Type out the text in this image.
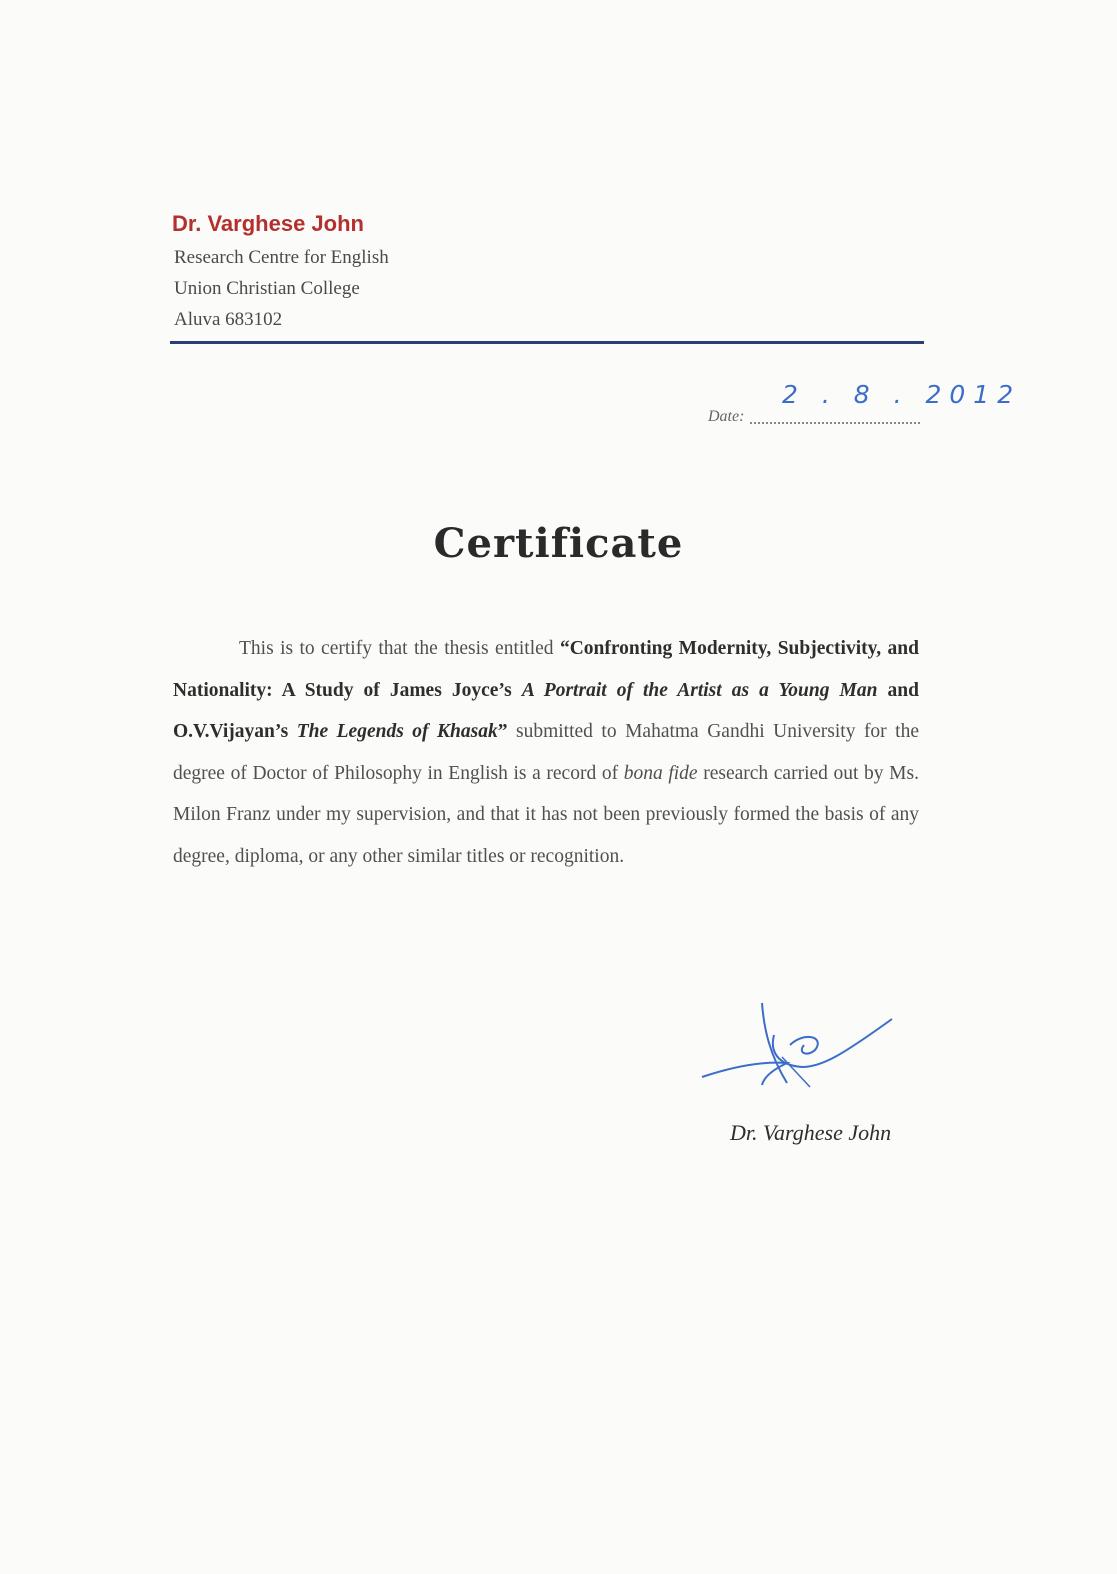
Dr. Varghese John
Research Centre for English
Union Christian College
Aluva 683102
Date:
2 . 8 . 2012
Certificate
This is to certify that the thesis entitled “Confronting Modernity, Subjectivity, and Nationality: A Study of James Joyce’s A Portrait of the Artist as a Young Man and O.V.Vijayan’s The Legends of Khasak” submitted to Mahatma Gandhi University for the degree of Doctor of Philosophy in English is a record of bona fide research carried out by Ms. Milon Franz under my supervision, and that it has not been previously formed the basis of any degree, diploma, or any other similar titles or recognition.
Dr. Varghese John
